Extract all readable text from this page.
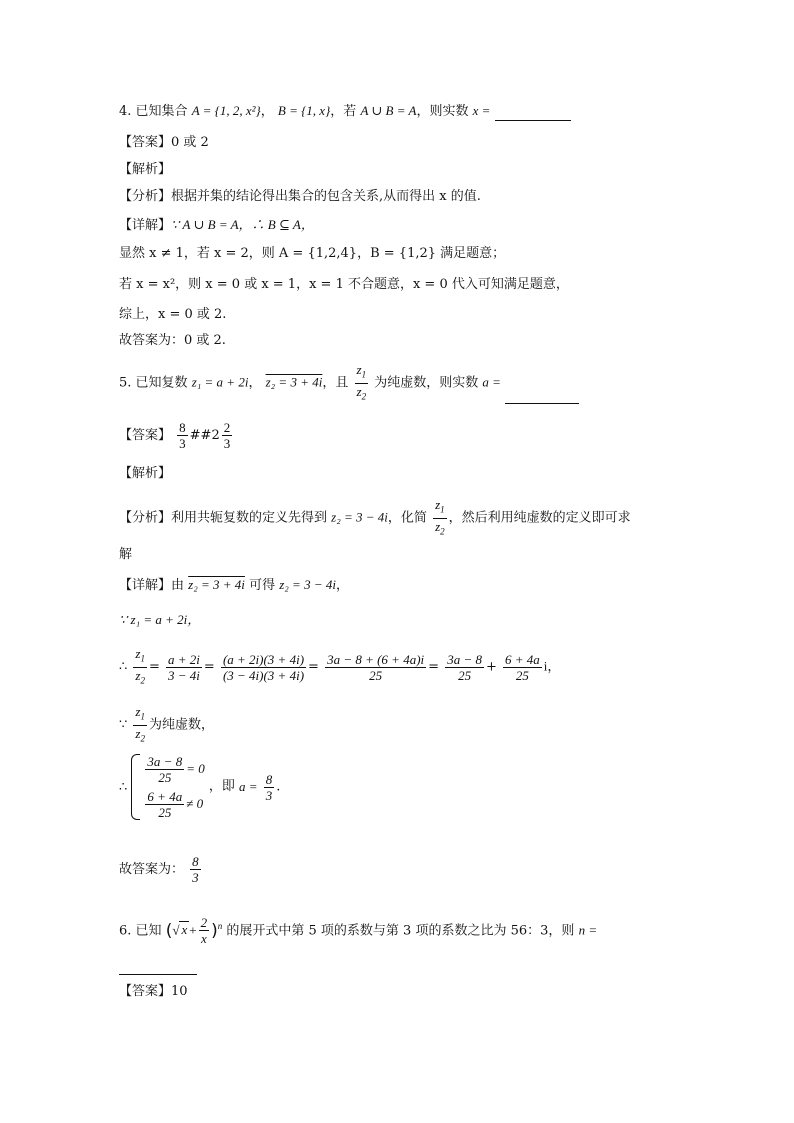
4. 已知集合 A = {1, 2, x²}， B = {1, x}，若 A ∪ B = A，则实数 x =
【答案】0 或 2
【解析】
【分析】根据并集的结论得出集合的包含关系,从而得出 x 的值.
【详解】∵ A ∪ B = A，∴ B ⊆ A，
显然 x ≠ 1，若 x = 2，则 A = {1,2,4}，B = {1,2} 满足题意；
若 x = x²，则 x = 0 或 x = 1，x = 1 不合题意，x = 0 代入可知满足题意，
综上，x = 0 或 2.
故答案为：0 或 2.
5. 已知复数 z₁ = a + 2i， z₂ = 3 + 4i，且 $\frac{z_1}{z_2}$ 为纯虚数，则实数 a =
【答案】 $\frac{8}{3}$ ##2 $\frac{2}{3}$
【解析】
【分析】利用共轭复数的定义先得到 z₂ = 3 − 4i，化简 $\frac{z_1}{z_2}$ ，然后利用纯虚数的定义即可求
解
【详解】由 z₂ = 3 + 4i 可得 z₂ = 3 − 4i，
∵ z₁ = a + 2i，
∴ $\frac{z_1}{z_2} = \frac{a + 2i}{3 - 4i} = \frac{(a + 2i)(3 + 4i)}{(3 - 4i)(3 + 4i)} = \frac{3a - 8 + (6 + 4a)i}{25} = \frac{3a - 8}{25} + \frac{6 + 4a}{25}$ i，
∵ $\frac{z_1}{z_2}$ 为纯虚数，
∴
$\frac{3a - 8}{25} = 0$
$\frac{6 + 4a}{25} \ne 0$
，即 $a = \frac{8}{3}$ .
故答案为： $\frac{8}{3}$
6. 已知 (√ $x + \frac{2}{x} )^n$ 的展开式中第 5 项的系数与第 3 项的系数之比为 56：3，则 n =
【答案】10
